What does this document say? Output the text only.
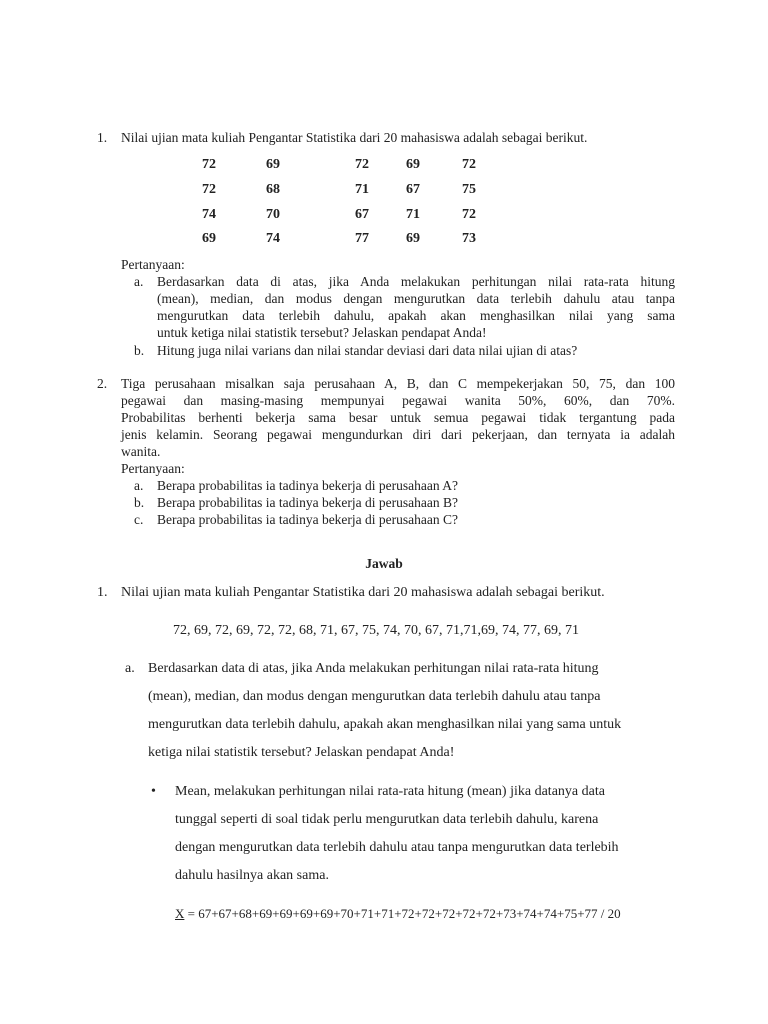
1. Nilai ujian mata kuliah Pengantar Statistika dari 20 mahasiswa adalah sebagai berikut.
72	69	72	69	72
72	68	71	67	75
74	70	67	71	72
69	74	77	69	73
Pertanyaan:
a. Berdasarkan data di atas, jika Anda melakukan perhitungan nilai rata-rata hitung
(mean), median, dan modus dengan mengurutkan data terlebih dahulu atau tanpa
mengurutkan data terlebih dahulu, apakah akan menghasilkan nilai yang sama
untuk ketiga nilai statistik tersebut? Jelaskan pendapat Anda!
b. Hitung juga nilai varians dan nilai standar deviasi dari data nilai ujian di atas?
2. Tiga perusahaan misalkan saja perusahaan A, B, dan C mempekerjakan 50, 75, dan 100
pegawai dan masing-masing mempunyai pegawai wanita 50%, 60%, dan 70%.
Probabilitas berhenti bekerja sama besar untuk semua pegawai tidak tergantung pada
jenis kelamin. Seorang pegawai mengundurkan diri dari pekerjaan, dan ternyata ia adalah
wanita.
Pertanyaan:
a. Berapa probabilitas ia tadinya bekerja di perusahaan A?
b. Berapa probabilitas ia tadinya bekerja di perusahaan B?
c. Berapa probabilitas ia tadinya bekerja di perusahaan C?
Jawab
1. Nilai ujian mata kuliah Pengantar Statistika dari 20 mahasiswa adalah sebagai berikut.
72, 69, 72, 69, 72, 72, 68, 71, 67, 75, 74, 70, 67, 71,71,69, 74, 77, 69, 71
a. Berdasarkan data di atas, jika Anda melakukan perhitungan nilai rata-rata hitung
(mean), median, dan modus dengan mengurutkan data terlebih dahulu atau tanpa
mengurutkan data terlebih dahulu, apakah akan menghasilkan nilai yang sama untuk
ketiga nilai statistik tersebut? Jelaskan pendapat Anda!
• Mean, melakukan perhitungan nilai rata-rata hitung (mean) jika datanya data
tunggal seperti di soal tidak perlu mengurutkan data terlebih dahulu, karena
dengan mengurutkan data terlebih dahulu atau tanpa mengurutkan data terlebih
dahulu hasilnya akan sama.
X = 67+67+68+69+69+69+69+70+71+71+72+72+72+72+72+73+74+74+75+77 / 20
